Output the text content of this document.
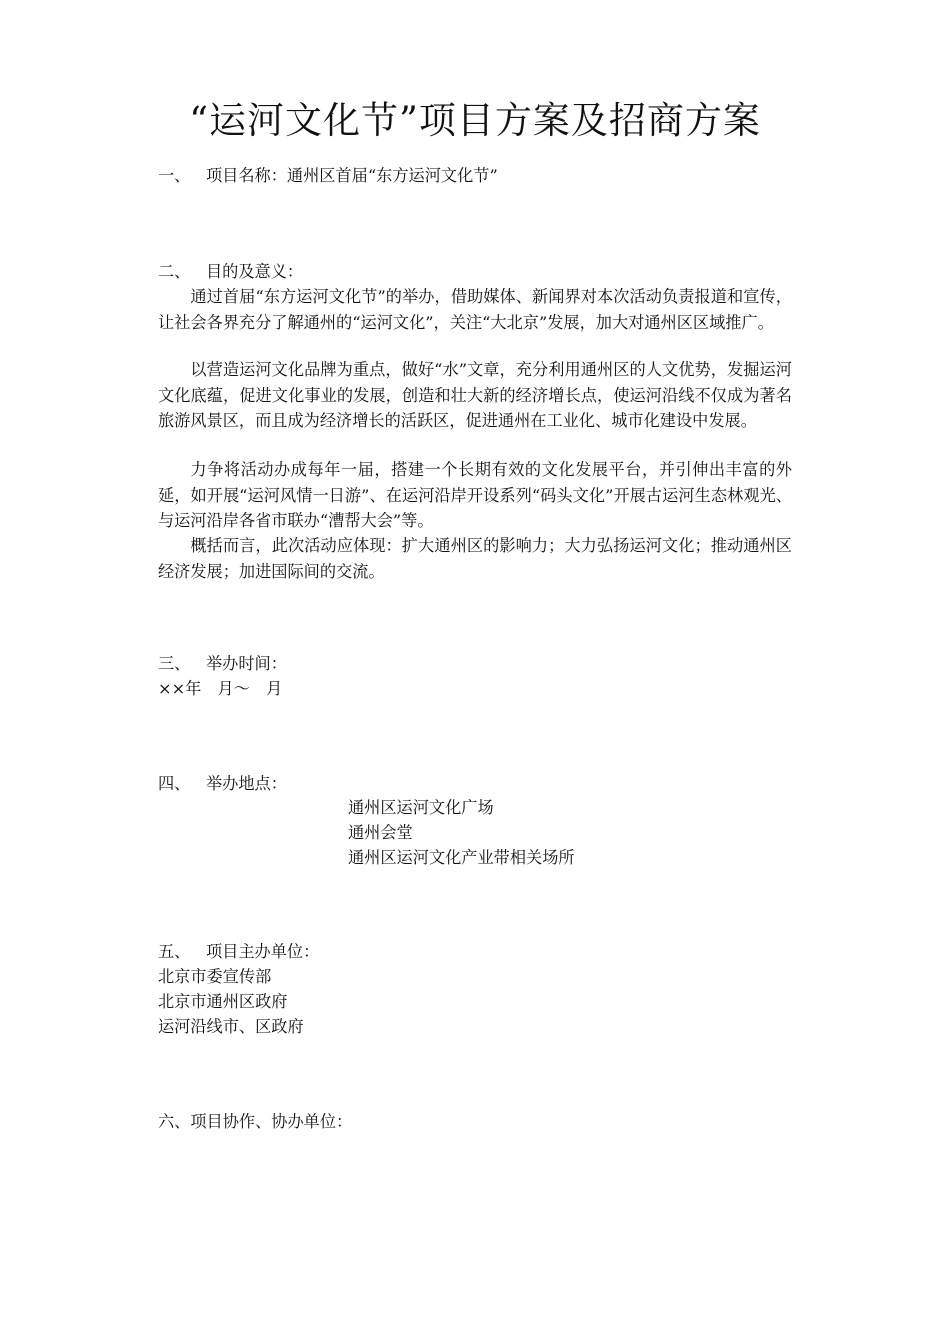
“运河文化节”项目方案及招商方案
一、 项目名称：通州区首届“东方运河文化节”
二、 目的及意义：
通过首届“东方运河文化节”的举办，借助媒体、新闻界对本次活动负责报道和宣传，让社会各界充分了解通州的“运河文化”，关注“大北京”发展，加大对通州区区域推广。
以营造运河文化品牌为重点，做好“水”文章，充分利用通州区的人文优势，发掘运河文化底蕴，促进文化事业的发展，创造和壮大新的经济增长点，使运河沿线不仅成为著名旅游风景区，而且成为经济增长的活跃区，促进通州在工业化、城市化建设中发展。
力争将活动办成每年一届，搭建一个长期有效的文化发展平台，并引伸出丰富的外延，如开展“运河风情一日游”、在运河沿岸开设系列“码头文化”开展古运河生态林观光、与运河沿岸各省市联办“漕帮大会”等。
概括而言，此次活动应体现：扩大通州区的影响力；大力弘扬运河文化；推动通州区经济发展；加进国际间的交流。
三、 举办时间：
××年　月～　月
四、 举办地点：
通州区运河文化广场
通州会堂
通州区运河文化产业带相关场所
五、 项目主办单位：
北京市委宣传部
北京市通州区政府
运河沿线市、区政府
六、项目协作、协办单位：
